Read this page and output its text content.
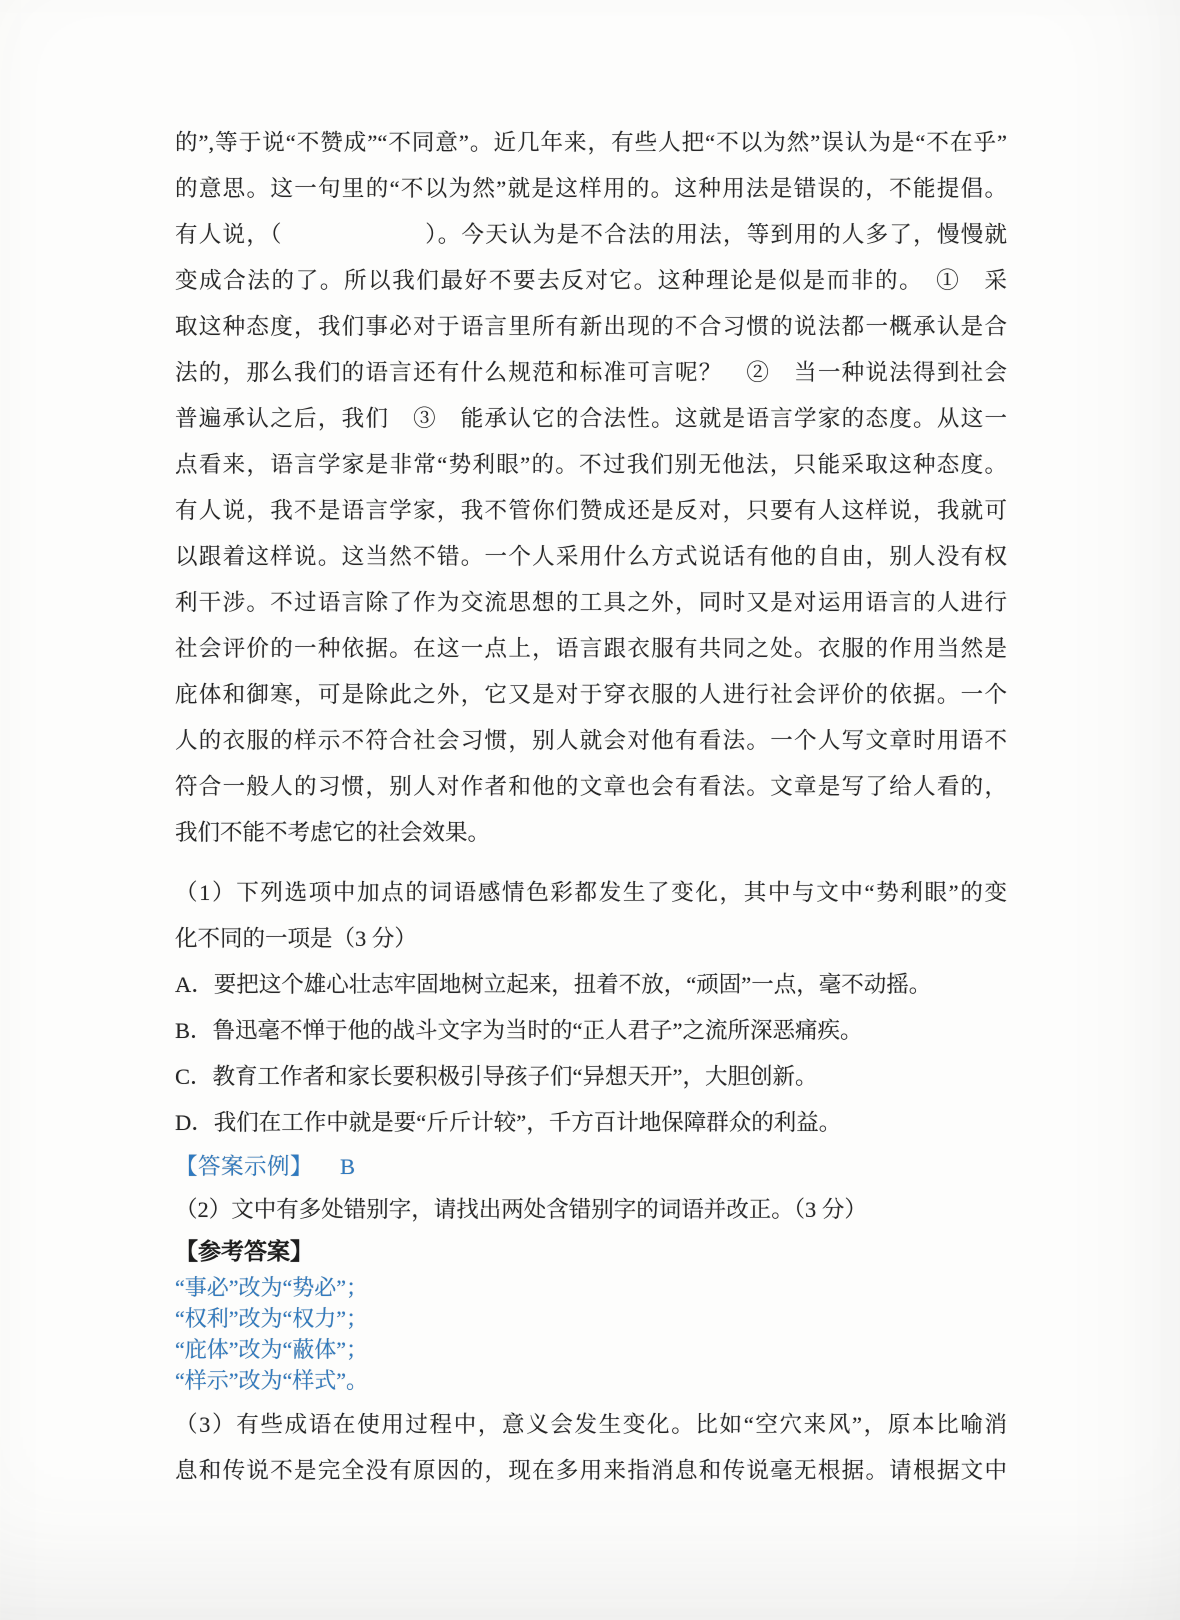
的”,等于说“不赞成”“不同意”。近几年来，有些人把“不以为然”误认为是“不在乎”
的意思。这一句里的“不以为然”就是这样用的。这种用法是错误的，不能提倡。
有人说，（　　　　　　）。今天认为是不合法的用法，等到用的人多了，慢慢就
变成合法的了。所以我们最好不要去反对它。这种理论是似是而非的。　①　采
取这种态度，我们事必对于语言里所有新出现的不合习惯的说法都一概承认是合
法的，那么我们的语言还有什么规范和标准可言呢？　②　当一种说法得到社会
普遍承认之后，我们　③　能承认它的合法性。这就是语言学家的态度。从这一
点看来，语言学家是非常“势利眼”的。不过我们别无他法，只能采取这种态度。
有人说，我不是语言学家，我不管你们赞成还是反对，只要有人这样说，我就可
以跟着这样说。这当然不错。一个人采用什么方式说话有他的自由，别人没有权
利干涉。不过语言除了作为交流思想的工具之外，同时又是对运用语言的人进行
社会评价的一种依据。在这一点上，语言跟衣服有共同之处。衣服的作用当然是
庇体和御寒，可是除此之外，它又是对于穿衣服的人进行社会评价的依据。一个
人的衣服的样示不符合社会习惯，别人就会对他有看法。一个人写文章时用语不
符合一般人的习惯，别人对作者和他的文章也会有看法。文章是写了给人看的，
我们不能不考虑它的社会效果。
（1）下列选项中加点的词语感情色彩都发生了变化，其中与文中“势利眼”的变
化不同的一项是（3 分）
A．要把这个雄心壮志牢固地树立起来，扭着不放，“顽固”一点，毫不动摇。
B．鲁迅毫不惮于他的战斗文字为当时的“正人君子”之流所深恶痛疾。
C．教育工作者和家长要积极引导孩子们“异想天开”，大胆创新。
D．我们在工作中就是要“斤斤计较”，千方百计地保障群众的利益。
【答案示例】 B
（2）文中有多处错别字，请找出两处含错别字的词语并改正。（3 分）
【参考答案】
“事必”改为“势必”；
“权利”改为“权力”；
“庇体”改为“蔽体”；
“样示”改为“样式”。
（3）有些成语在使用过程中，意义会发生变化。比如“空穴来风”，原本比喻消
息和传说不是完全没有原因的，现在多用来指消息和传说毫无根据。请根据文中
